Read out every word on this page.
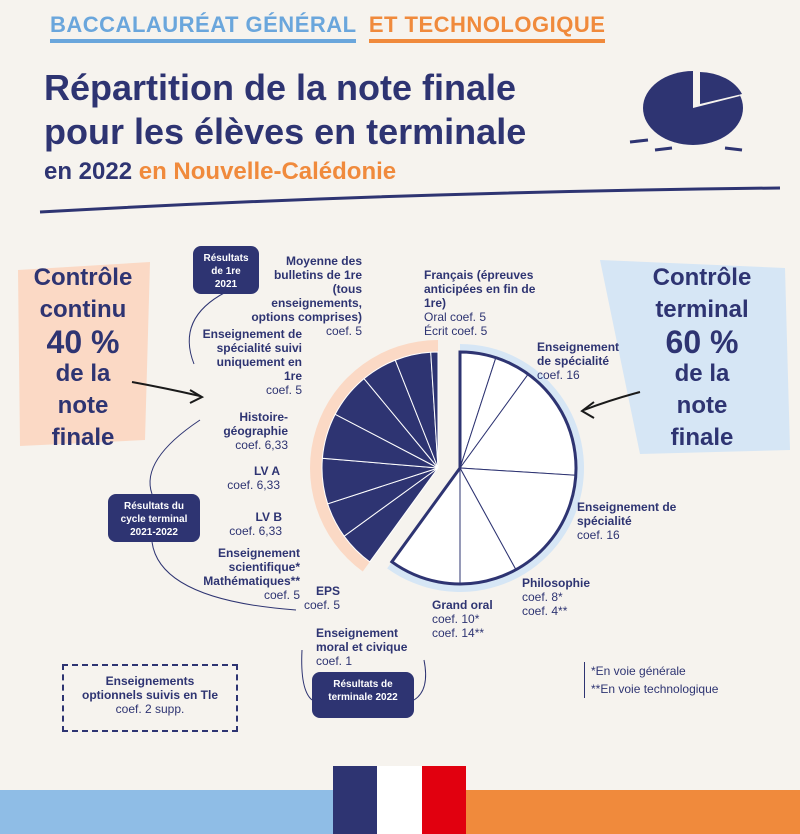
BACCALAURÉAT GÉNÉRAL ET TECHNOLOGIQUE
Répartition de la note finale
pour les élèves en terminale
en 2022 en Nouvelle-Calédonie
Contrôle
continu
40 %
de la
note
finale
Contrôle
terminal
60 %
de la
note
finale
Moyenne des bulletins de 1re (tous enseignements, options comprises)
coef. 5
Enseignement de spécialité suivi uniquement en 1re
coef. 5
Histoire-géographie
coef. 6,33
LV A
coef. 6,33
LV B
coef. 6,33
Enseignement scientifique* Mathématiques**
coef. 5	EPS
coef. 5
Enseignement moral et civique
coef. 1
Français (épreuves anticipées en fin de 1re)
Oral coef. 5
Écrit coef. 5
Enseignement de spécialité
coef. 16
Enseignement de spécialité
coef. 16
Philosophie
coef. 8*
coef. 4**
Grand oral
coef. 10*
coef. 14**
Résultats de 1re 2021
Résultats du cycle terminal 2021-2022
Résultats de terminale 2022
Enseignements optionnels suivis en Tle
coef. 2 supp.
*En voie générale
**En voie technologique
